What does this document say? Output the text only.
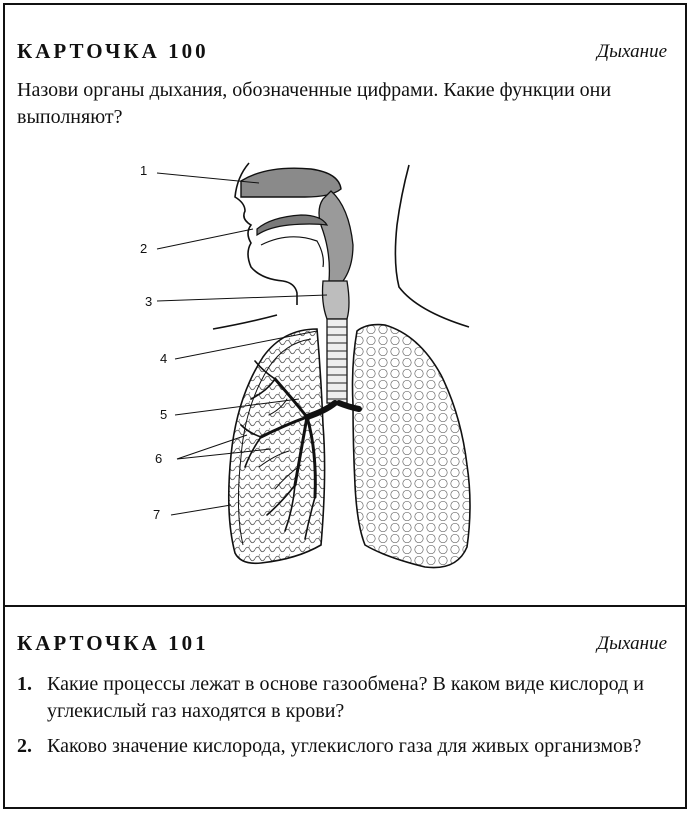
КАРТОЧКА 100	Дыхание
Назови органы дыхания, обозначенные цифрами. Какие функции они выполняют?
1
2
3
4
5
6
7
КАРТОЧКА 101	Дыхание
1. Какие процессы лежат в основе газообмена? В каком виде кислород и углекислый газ находятся в крови?
2. Каково значение кислорода, углекислого газа для живых организмов?
